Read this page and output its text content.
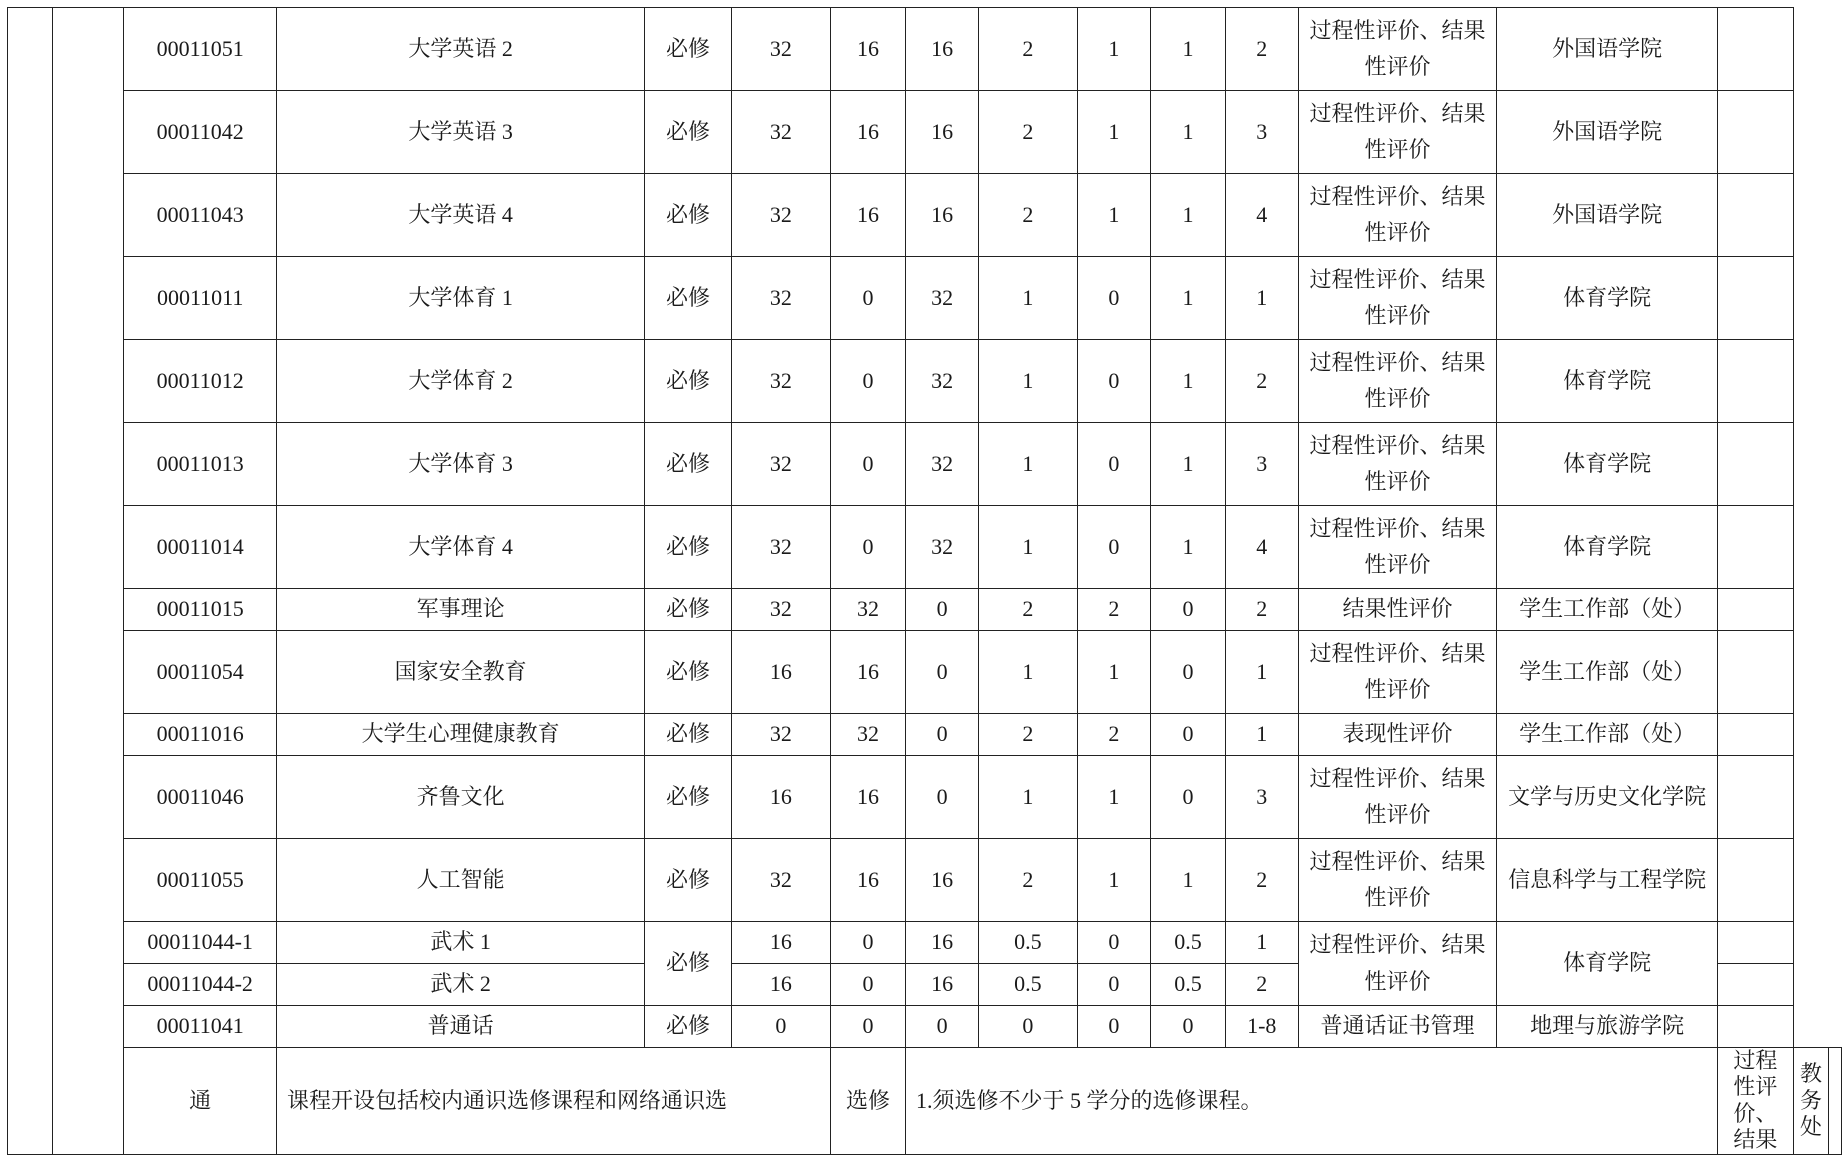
		00011051	大学英语 2	必修	32	16	16	2	1	1	2	过程性评价、结果性评价	外国语学院			
		00011042	大学英语 3	必修	32	16	16	2	1	1	3	过程性评价、结果性评价	外国语学院			
		00011043	大学英语 4	必修	32	16	16	2	1	1	4	过程性评价、结果性评价	外国语学院			
		00011011	大学体育 1	必修	32	0	32	1	0	1	1	过程性评价、结果性评价	体育学院			
		00011012	大学体育 2	必修	32	0	32	1	0	1	2	过程性评价、结果性评价	体育学院			
		00011013	大学体育 3	必修	32	0	32	1	0	1	3	过程性评价、结果性评价	体育学院			
		00011014	大学体育 4	必修	32	0	32	1	0	1	4	过程性评价、结果性评价	体育学院			
		00011015	军事理论	必修	32	32	0	2	2	0	2	结果性评价	学生工作部（处）			
		00011054	国家安全教育	必修	16	16	0	1	1	0	1	过程性评价、结果性评价	学生工作部（处）			
		00011016	大学生心理健康教育	必修	32	32	0	2	2	0	1	表现性评价	学生工作部（处）			
		00011046	齐鲁文化	必修	16	16	0	1	1	0	3	过程性评价、结果性评价	文学与历史文化学院			
		00011055	人工智能	必修	32	16	16	2	1	1	2	过程性评价、结果性评价	信息科学与工程学院			
		00011044-1	武术 1	必修	16	0	16	0.5	0	0.5	1	过程性评价、结果性评价	体育学院			
		00011044-2	武术 2		16	0	16	0.5	0	0.5	2					
		00011041	普通话	必修	0	0	0	0	0	0	1-8	普通话证书管理	地理与旅游学院			
		通	课程开设包括校内通识选修课程和网络通识选			选修	1.须选修不少于 5 学分的选修课程。							过程性评价、结果	教务处	
